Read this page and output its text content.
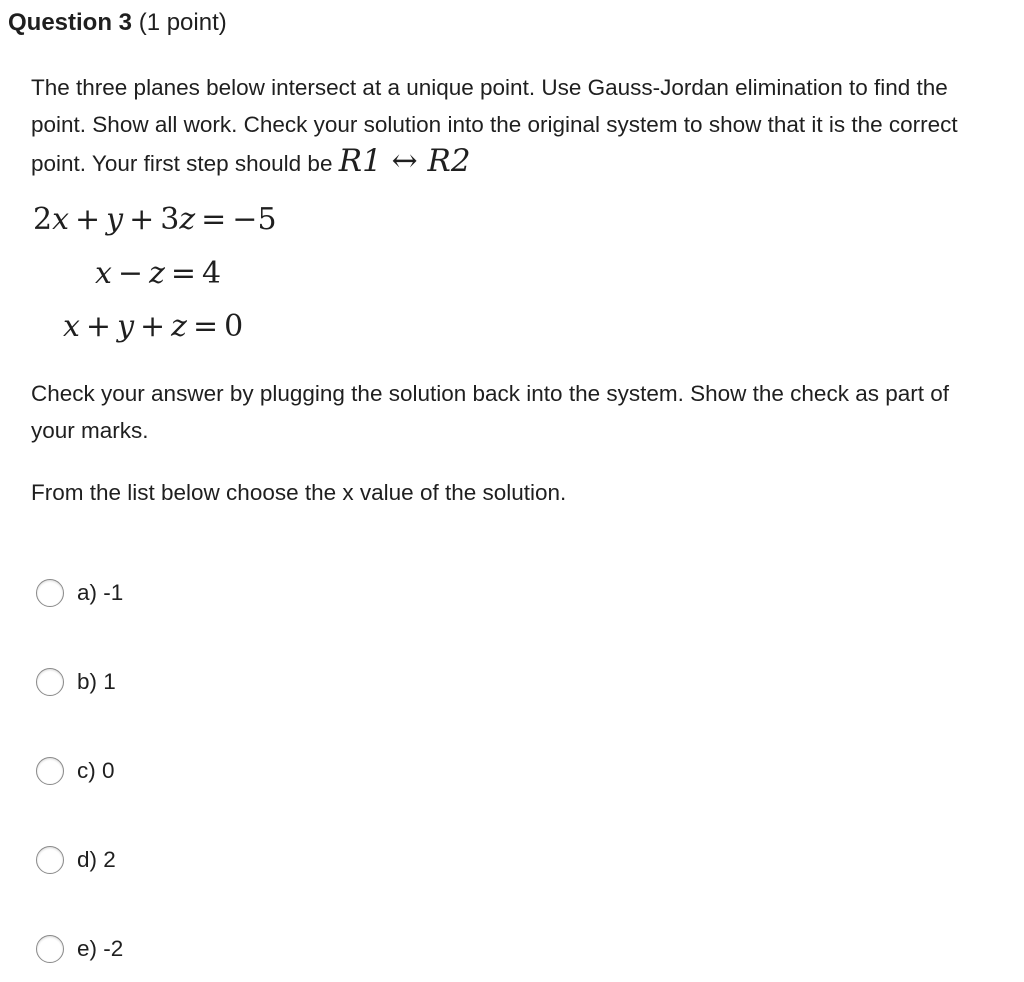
Question 3 (1 point)
The three planes below intersect at a unique point. Use Gauss-Jordan elimination to find the point. Show all work. Check your solution into the original system to show that it is the correct point. Your first step should be R1 ↔ R2
2x  +  y  +  3z  =  −5
x  −  z  =  4
x  +  y  +  z  =  0
Check your answer by plugging the solution back into the system. Show the check as part of your marks.
From the list below choose the x value of the solution.
a) -1
b) 1
c) 0
d) 2
e) -2
